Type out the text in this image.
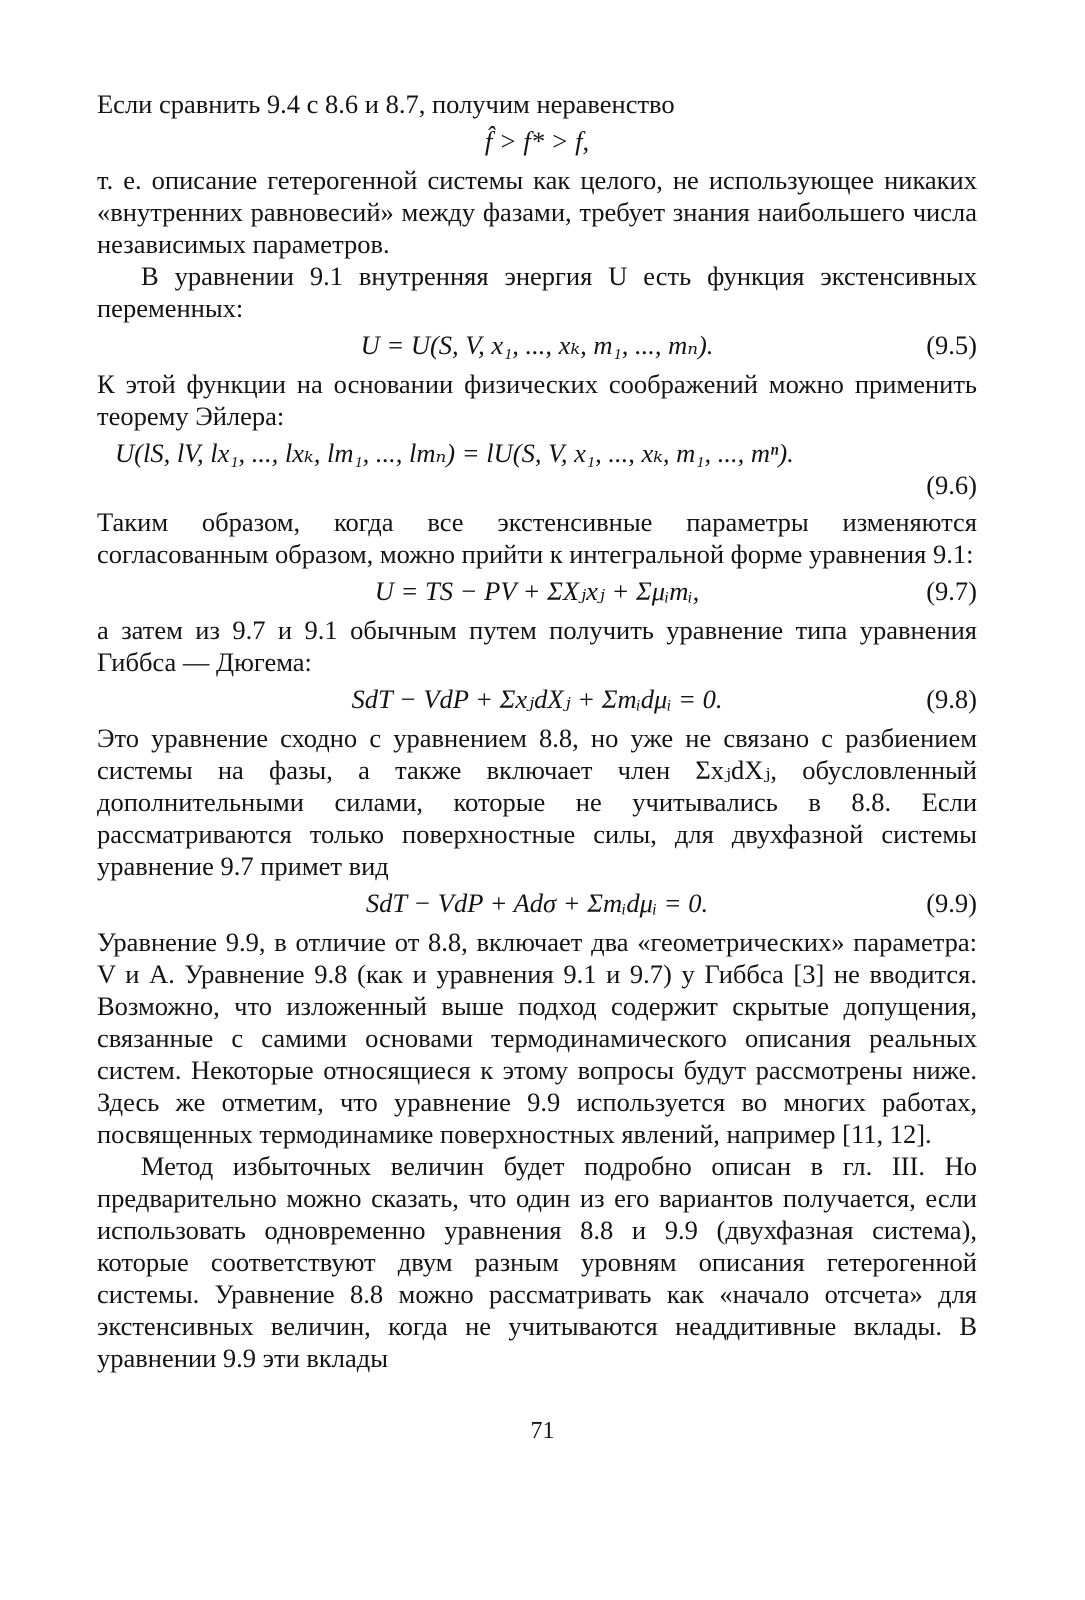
Если сравнить 9.4 с 8.6 и 8.7, получим неравенство

f̂ > f* > f,

т. е. описание гетерогенной системы как целого, не использующее никаких «внутренних равновесий» между фазами, требует знания наибольшего числа независимых параметров.

В уравнении 9.1 внутренняя энергия U есть функция экстенсивных переменных:

U = U(S, V, x₁, ..., xₖ, m₁, ..., mₙ).	(9.5)

К этой функции на основании физических соображений можно применить теорему Эйлера:

U(lS, lV, lx₁, ..., lxₖ, lm₁, ..., lmₙ) = lU(S, V, x₁, ..., xₖ, m₁, ..., mⁿ).
(9.6)

Таким образом, когда все экстенсивные параметры изменяются согласованным образом, можно прийти к интегральной форме уравнения 9.1:

U = TS − PV + ΣXⱼxⱼ + Σμᵢmᵢ,	(9.7)

а затем из 9.7 и 9.1 обычным путем получить уравнение типа уравнения Гиббса — Дюгема:

SdT − VdP + ΣxⱼdXⱼ + Σmᵢdμᵢ = 0.	(9.8)

Это уравнение сходно с уравнением 8.8, но уже не связано с разбиением системы на фазы, а также включает член ΣxⱼdXⱼ, обусловленный дополнительными силами, которые не учитывались в 8.8. Если рассматриваются только поверхностные силы, для двухфазной системы уравнение 9.7 примет вид

SdT − VdP + Adσ + Σmᵢdμᵢ = 0.	(9.9)

Уравнение 9.9, в отличие от 8.8, включает два «геометрических» параметра: V и A. Уравнение 9.8 (как и уравнения 9.1 и 9.7) у Гиббса [3] не вводится. Возможно, что изложенный выше подход содержит скрытые допущения, связанные с самими основами термодинамического описания реальных систем. Некоторые относящиеся к этому вопросы будут рассмотрены ниже. Здесь же отметим, что уравнение 9.9 используется во многих работах, посвященных термодинамике поверхностных явлений, например [11, 12].

Метод избыточных величин будет подробно описан в гл. III. Но предварительно можно сказать, что один из его вариантов получается, если использовать одновременно уравнения 8.8 и 9.9 (двухфазная система), которые соответствуют двум разным уровням описания гетерогенной системы. Уравнение 8.8 можно рассматривать как «начало отсчета» для экстенсивных величин, когда не учитываются неаддитивные вклады. В уравнении 9.9 эти вклады

71
